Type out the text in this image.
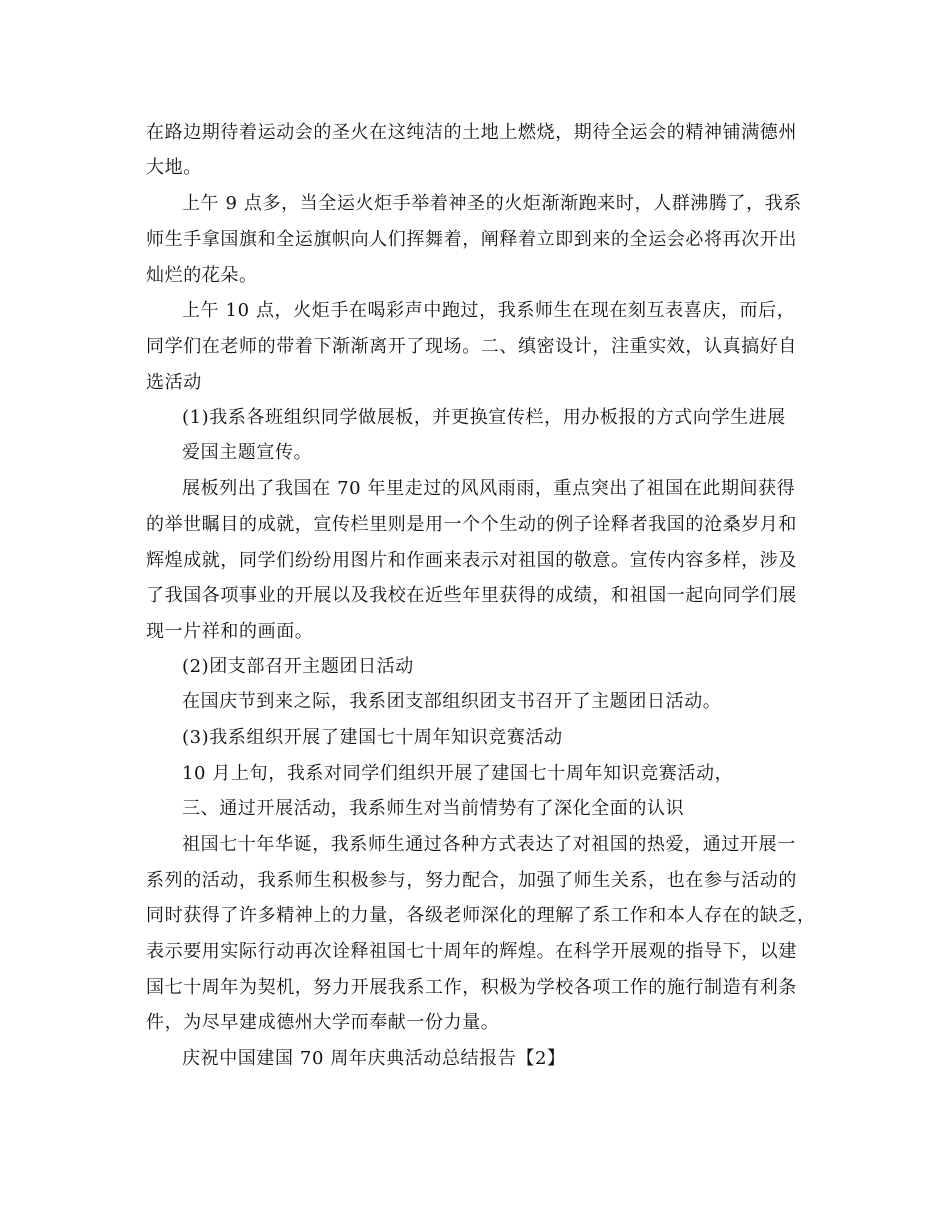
在路边期待着运动会的圣火在这纯洁的土地上燃烧，期待全运会的精神铺满德州
大地。
上午 9 点多，当全运火炬手举着神圣的火炬渐渐跑来时，人群沸腾了，我系
师生手拿国旗和全运旗帜向人们挥舞着，阐释着立即到来的全运会必将再次开出
灿烂的花朵。
上午 10 点，火炬手在喝彩声中跑过，我系师生在现在刻互表喜庆，而后，
同学们在老师的带着下渐渐离开了现场。二、缜密设计，注重实效，认真搞好自
选活动
(1)我系各班组织同学做展板，并更换宣传栏，用办板报的方式向学生进展
爱国主题宣传。
展板列出了我国在 70 年里走过的风风雨雨，重点突出了祖国在此期间获得
的举世瞩目的成就，宣传栏里则是用一个个生动的例子诠释者我国的沧桑岁月和
辉煌成就，同学们纷纷用图片和作画来表示对祖国的敬意。宣传内容多样，涉及
了我国各项事业的开展以及我校在近些年里获得的成绩，和祖国一起向同学们展
现一片祥和的画面。
(2)团支部召开主题团日活动
在国庆节到来之际，我系团支部组织团支书召开了主题团日活动。
(3)我系组织开展了建国七十周年知识竞赛活动
10 月上旬，我系对同学们组织开展了建国七十周年知识竞赛活动，
三、通过开展活动，我系师生对当前情势有了深化全面的认识
祖国七十年华诞，我系师生通过各种方式表达了对祖国的热爱，通过开展一
系列的活动，我系师生积极参与，努力配合，加强了师生关系，也在参与活动的
同时获得了许多精神上的力量，各级老师深化的理解了系工作和本人存在的缺乏，
表示要用实际行动再次诠释祖国七十周年的辉煌。在科学开展观的指导下，以建
国七十周年为契机，努力开展我系工作，积极为学校各项工作的施行制造有利条
件，为尽早建成德州大学而奉献一份力量。
庆祝中国建国 70 周年庆典活动总结报告【2】
